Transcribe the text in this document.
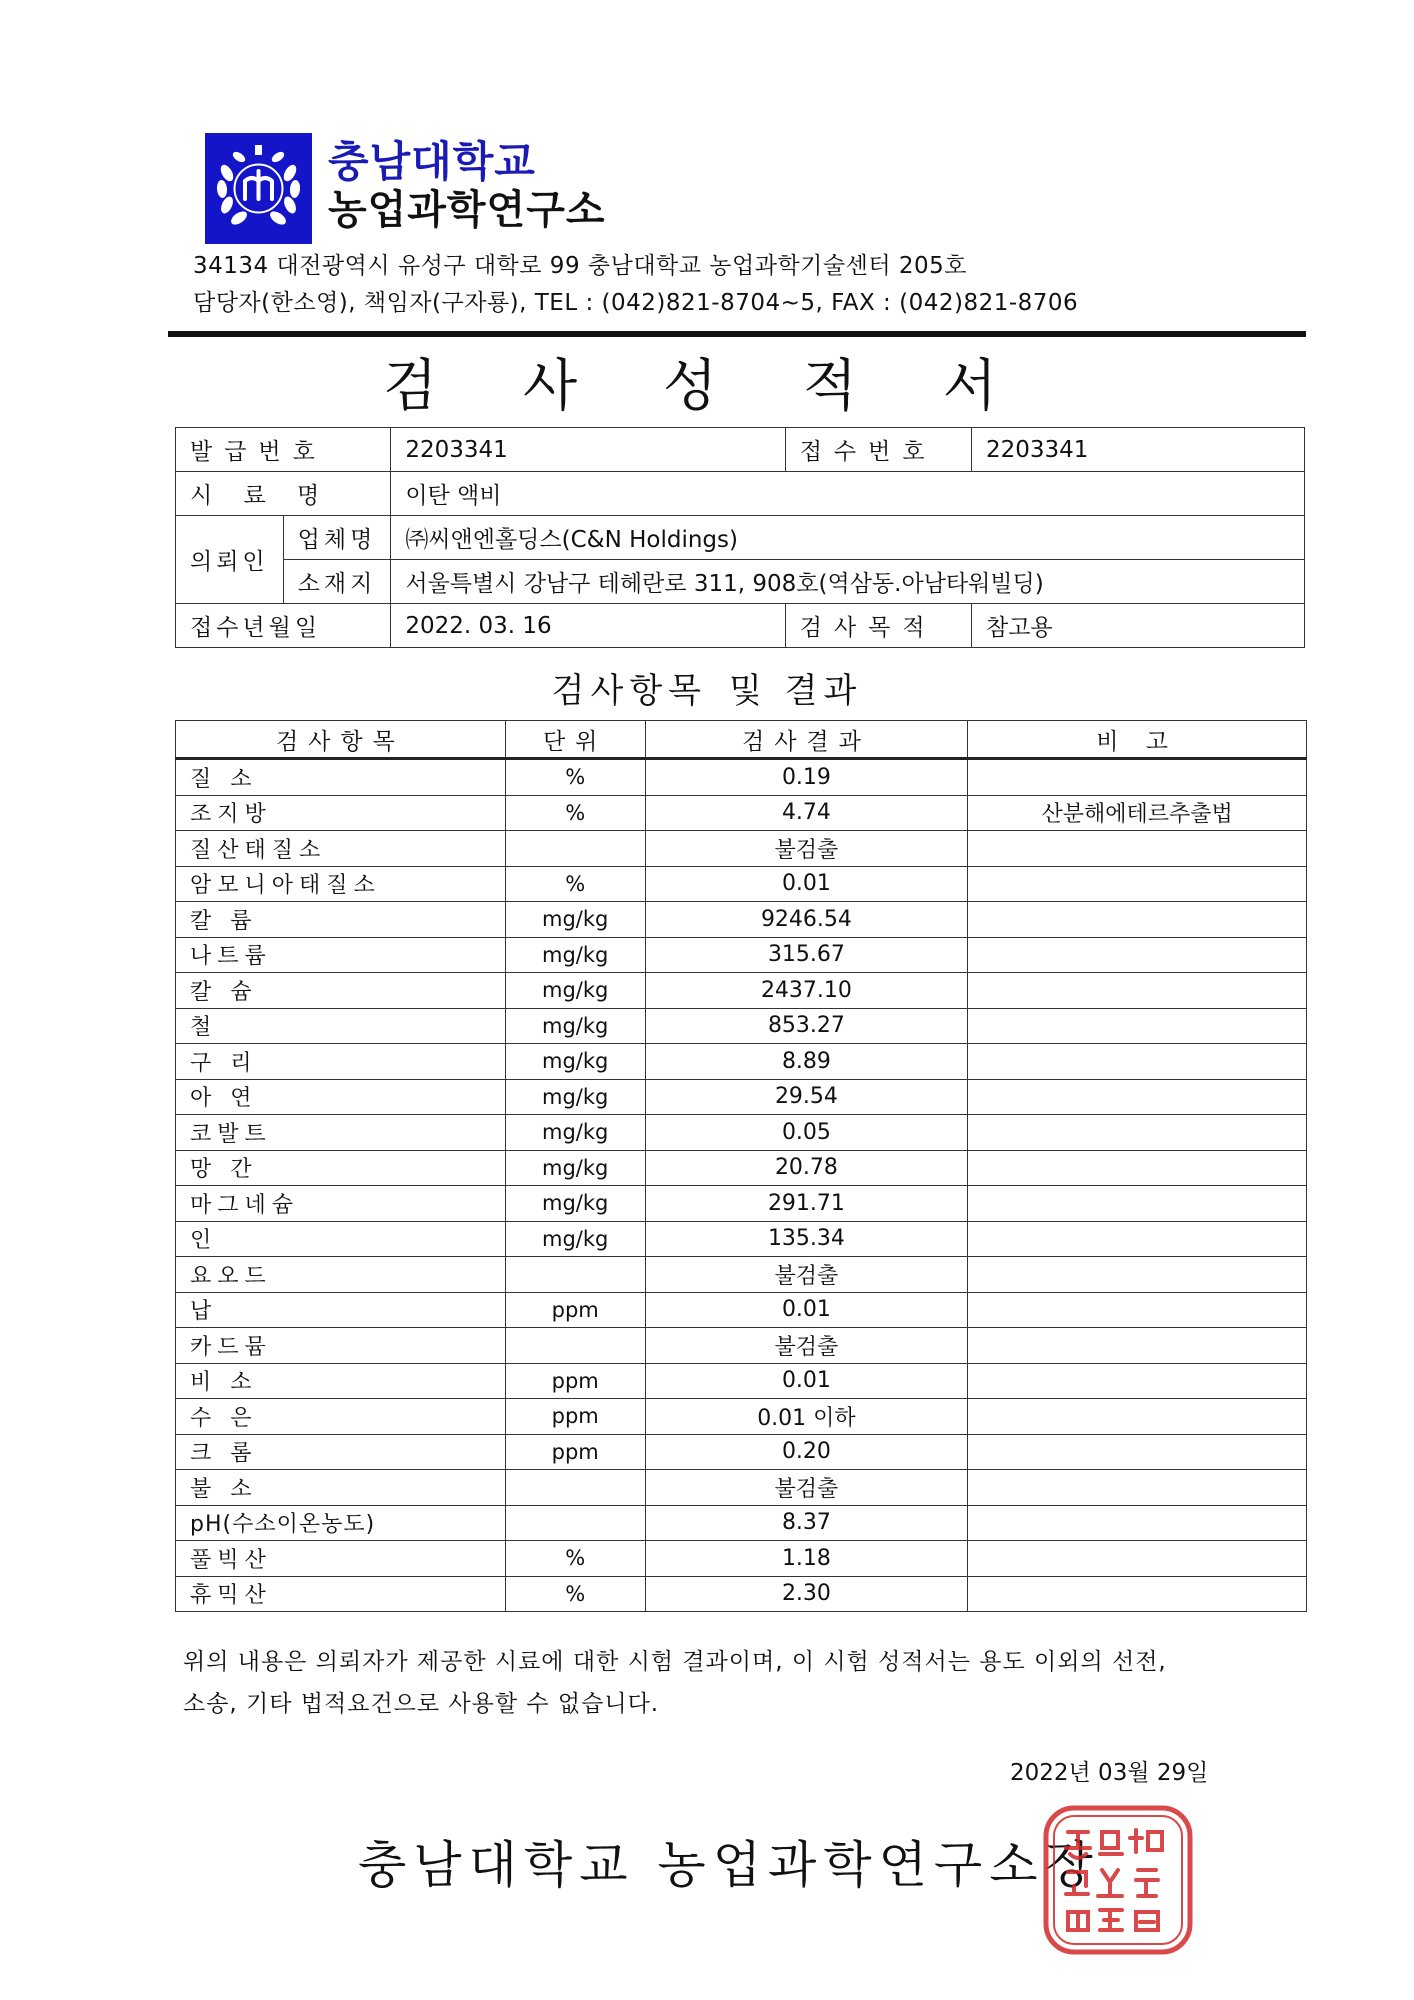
충남대학교
농업과학연구소
34134 대전광역시 유성구 대학로 99 충남대학교 농업과학기술센터 205호
담당자(한소영), 책임자(구자룡), TEL : (042)821-8704~5, FAX : (042)821-8706
검 사 성 적 서
발급번호		2203341	접수번호	2203341
시 료 명		이탄 액비		
의뢰인	업체명	㈜씨앤엔홀딩스(C&N Holdings)		
	소재지	서울특별시 강남구 테헤란로 311, 908호(역삼동.아남타워빌딩)		
접수년월일		2022. 03. 16	검사목적	참고용
검사항목 및 결과
검사항목	단위	검사결과	비 고
질 소	%	0.19	
조지방	%	4.74	산분해에테르추출법
질산태질소		불검출	
암모니아태질소	%	0.01	
칼 륨	mg/kg	9246.54	
나트륨	mg/kg	315.67	
칼 슘	mg/kg	2437.10	
철	mg/kg	853.27	
구 리	mg/kg	8.89	
아 연	mg/kg	29.54	
코발트	mg/kg	0.05	
망 간	mg/kg	20.78	
마그네슘	mg/kg	291.71	
인	mg/kg	135.34	
요오드		불검출	
납	ppm	0.01	
카드뮴		불검출	
비 소	ppm	0.01	
수 은	ppm	0.01 이하	
크 롬	ppm	0.20	
불 소		불검출	
pH(수소이온농도)		8.37	
풀빅산	%	1.18	
휴믹산	%	2.30	
위의 내용은 의뢰자가 제공한 시료에 대한 시험 결과이며, 이 시험 성적서는 용도 이외의 선전,
소송, 기타 법적요건으로 사용할 수 없습니다.
2022년 03월 29일
충남대학교 농업과학연구소장
